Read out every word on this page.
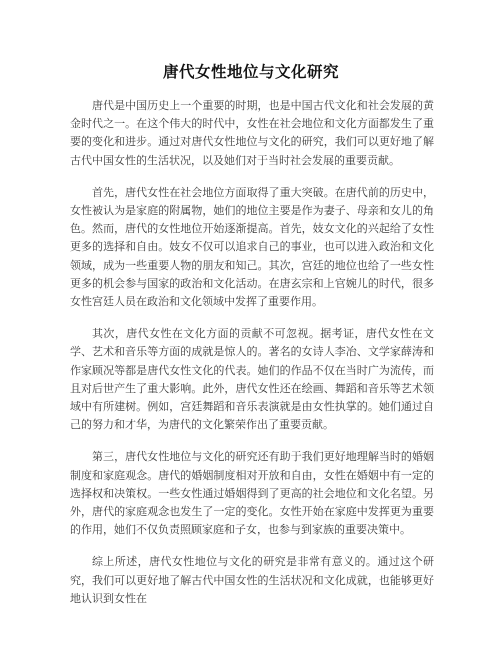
唐代女性地位与文化研究

唐代是中国历史上一个重要的时期，也是中国古代文化和社会发展的黄金时代之一。在这个伟大的时代中，女性在社会地位和文化方面都发生了重要的变化和进步。通过对唐代女性地位与文化的研究，我们可以更好地了解古代中国女性的生活状况，以及她们对于当时社会发展的重要贡献。

首先，唐代女性在社会地位方面取得了重大突破。在唐代前的历史中，女性被认为是家庭的附属物，她们的地位主要是作为妻子、母亲和女儿的角色。然而，唐代的女性地位开始逐渐提高。首先，妓女文化的兴起给了女性更多的选择和自由。妓女不仅可以追求自己的事业，也可以进入政治和文化领域，成为一些重要人物的朋友和知己。其次，宫廷的地位也给了一些女性更多的机会参与国家的政治和文化活动。在唐玄宗和上官婉儿的时代，很多女性宫廷人员在政治和文化领域中发挥了重要作用。

其次，唐代女性在文化方面的贡献不可忽视。据考证，唐代女性在文学、艺术和音乐等方面的成就是惊人的。著名的女诗人李冶、文学家薛涛和作家顾况等都是唐代女性文化的代表。她们的作品不仅在当时广为流传，而且对后世产生了重大影响。此外，唐代女性还在绘画、舞蹈和音乐等艺术领域中有所建树。例如，宫廷舞蹈和音乐表演就是由女性执掌的。她们通过自己的努力和才华，为唐代的文化繁荣作出了重要贡献。

第三，唐代女性地位与文化的研究还有助于我们更好地理解当时的婚姻制度和家庭观念。唐代的婚姻制度相对开放和自由，女性在婚姻中有一定的选择权和决策权。一些女性通过婚姻得到了更高的社会地位和文化名望。另外，唐代的家庭观念也发生了一定的变化。女性开始在家庭中发挥更为重要的作用，她们不仅负责照顾家庭和子女，也参与到家族的重要决策中。

综上所述，唐代女性地位与文化的研究是非常有意义的。通过这个研究，我们可以更好地了解古代中国女性的生活状况和文化成就，也能够更好地认识到女性在
